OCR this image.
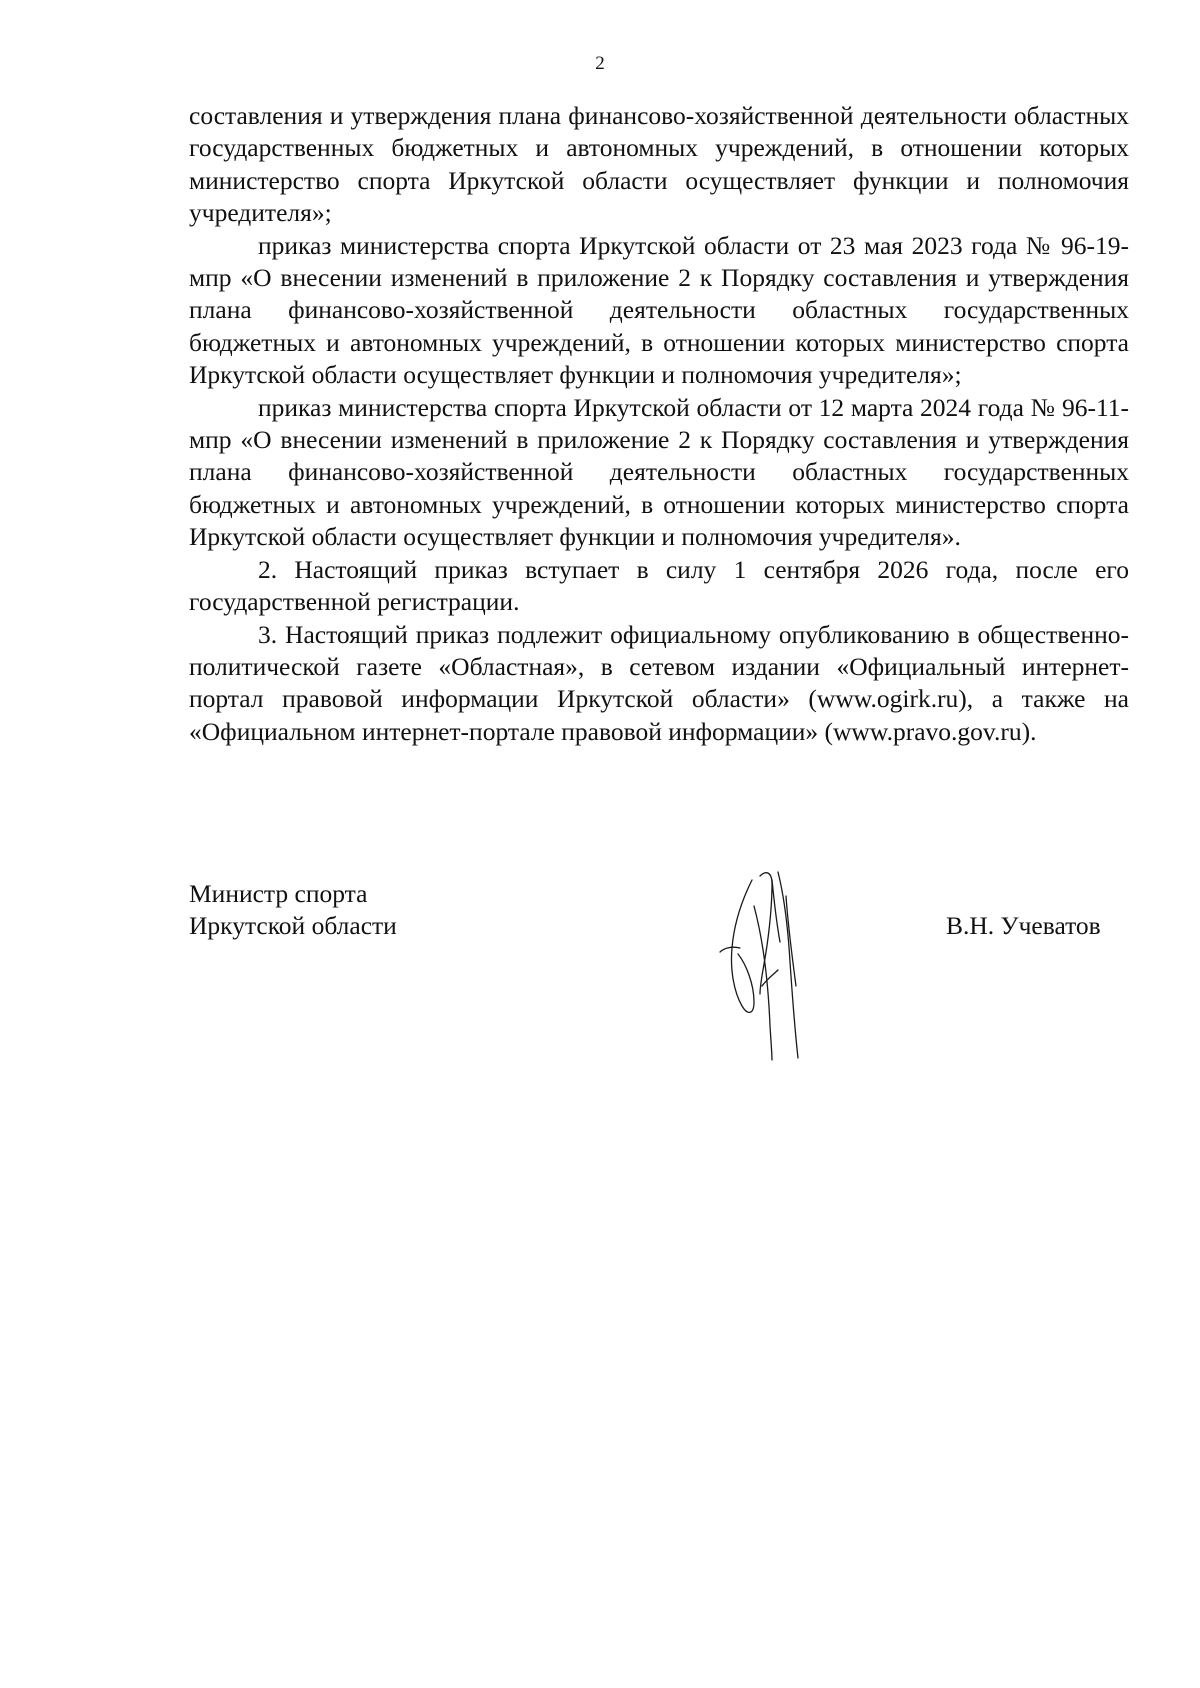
2

составления и утверждения плана финансово-хозяйственной деятельности областных государственных бюджетных и автономных учреждений, в отношении которых министерство спорта Иркутской области осуществляет функции и полномочия учредителя»;

приказ министерства спорта Иркутской области от 23 мая 2023 года № 96-19-мпр «О внесении изменений в приложение 2 к Порядку составления и утверждения плана финансово-хозяйственной деятельности областных государственных бюджетных и автономных учреждений, в отношении которых министерство спорта Иркутской области осуществляет функции и полномочия учредителя»;

приказ министерства спорта Иркутской области от 12 марта 2024 года № 96-11-мпр «О внесении изменений в приложение 2 к Порядку составления и утверждения плана финансово-хозяйственной деятельности областных государственных бюджетных и автономных учреждений, в отношении которых министерство спорта Иркутской области осуществляет функции и полномочия учредителя».

2. Настоящий приказ вступает в силу 1 сентября 2026 года, после его государственной регистрации.

3. Настоящий приказ подлежит официальному опубликованию в общественно-политической газете «Областная», в сетевом издании «Официальный интернет-портал правовой информации Иркутской области» (www.ogirk.ru), а также на «Официальном интернет-портале правовой информации» (www.pravo.gov.ru).

Министр спорта
Иркутской области	В.Н. Учеватов
